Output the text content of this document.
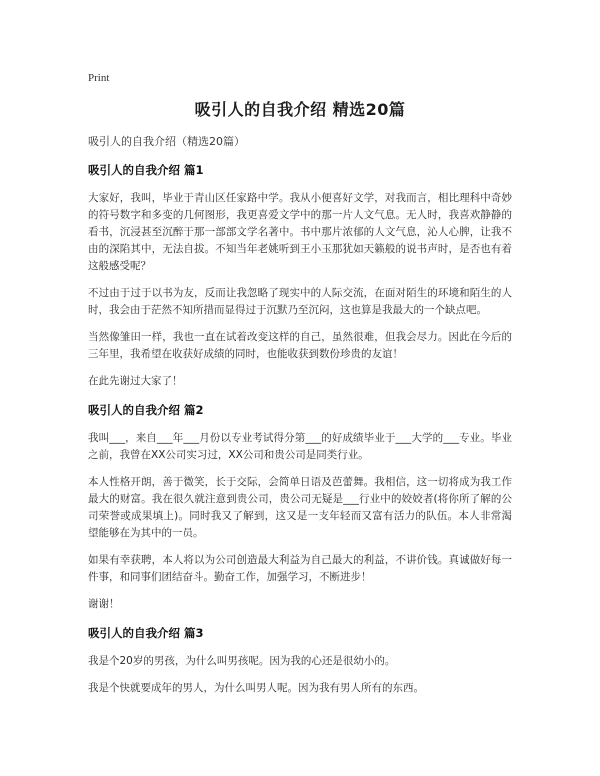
Print
吸引人的自我介绍 精选20篇
吸引人的自我介绍（精选20篇）
吸引人的自我介绍 篇1

大家好，我叫，毕业于青山区任家路中学。我从小便喜好文学，对我而言，相比理科中奇妙的符号数字和多变的几何图形，我更喜爱文学中的那一片人文气息。无人时，我喜欢静静的看书，沉浸甚至沉醉于那一部部文学名著中。书中那片浓郁的人文气息，沁人心脾，让我不由的深陷其中，无法自拔。不知当年老姚听到王小玉那犹如天籁般的说书声时，是否也有着这般感受呢？

不过由于过于以书为友，反而让我忽略了现实中的人际交流，在面对陌生的环境和陌生的人时，我会由于茫然不知所措而显得过于沉默乃至沉闷，这也算是我最大的一个缺点吧。

当然像雏田一样，我也一直在试着改变这样的自己，虽然很难，但我会尽力。因此在今后的三年里，我希望在收获好成绩的同时，也能收获到数份珍贵的友谊！

在此先谢过大家了！

吸引人的自我介绍 篇2

我叫___，来自___年___月份以专业考试得分第___的好成绩毕业于___大学的___专业。毕业之前，我曾在XX公司实习过，XX公司和贵公司是同类行业。

本人性格开朗，善于微笑，长于交际，会简单日语及芭蕾舞。我相信，这一切将成为我工作最大的财富。我在很久就注意到贵公司，贵公司无疑是___行业中的姣姣者(将你所了解的公司荣誉或成果填上)。同时我又了解到，这又是一支年轻而又富有活力的队伍。本人非常渴望能够在为其中的一员。

如果有幸获聘，本人将以为公司创造最大利益为自己最大的利益，不讲价钱。真诚做好每一件事，和同事们团结奋斗。勤奋工作，加强学习，不断进步！

谢谢！

吸引人的自我介绍 篇3

我是个20岁的男孩，为什么叫男孩呢。因为我的心还是很幼小的。

我是个快就要成年的男人，为什么叫男人呢。因为我有男人所有的东西。
